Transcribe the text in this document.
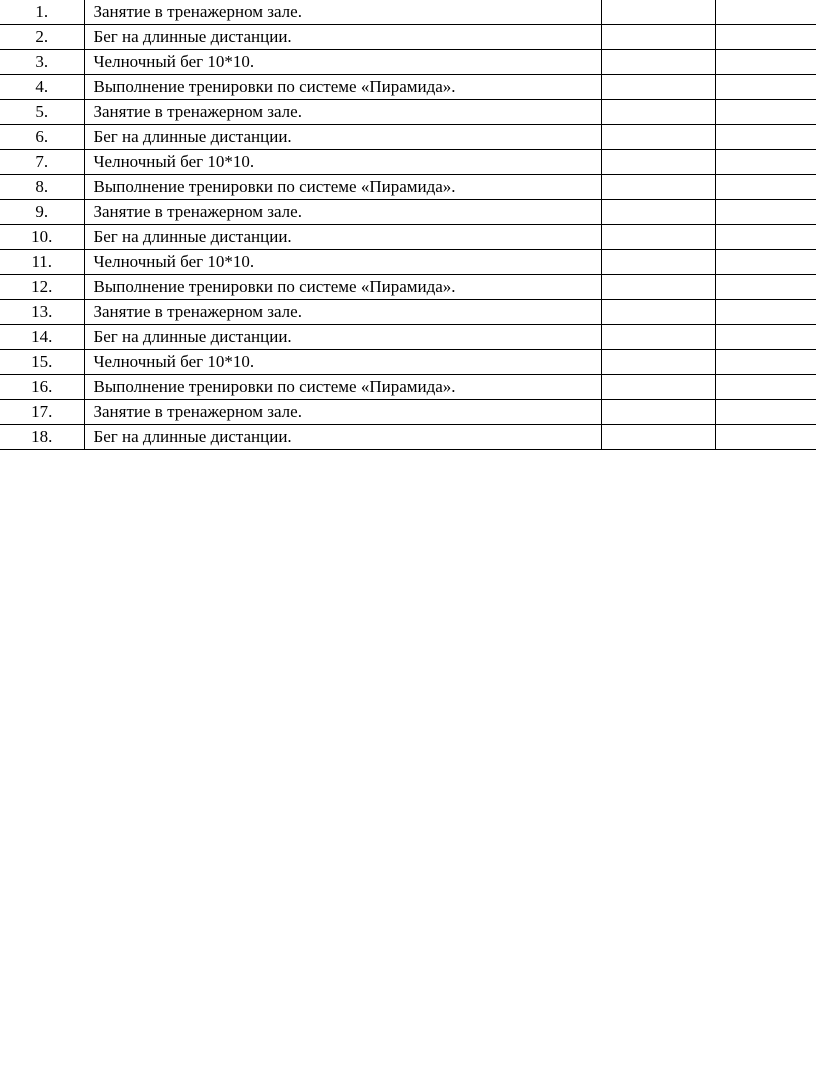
1.	Занятие в тренажерном зале.		
2.	Бег на длинные дистанции.		
3.	Челночный бег 10*10.		
4.	Выполнение тренировки по системе «Пирамида».		
5.	Занятие в тренажерном зале.		
6.	Бег на длинные дистанции.		
7.	Челночный бег 10*10.		
8.	Выполнение тренировки по системе «Пирамида».		
9.	Занятие в тренажерном зале.		
10.	Бег на длинные дистанции.		
11.	Челночный бег 10*10.		
12.	Выполнение тренировки по системе «Пирамида».		
13.	Занятие в тренажерном зале.		
14.	Бег на длинные дистанции.		
15.	Челночный бег 10*10.		
16.	Выполнение тренировки по системе «Пирамида».		
17.	Занятие в тренажерном зале.		
18.	Бег на длинные дистанции.		
